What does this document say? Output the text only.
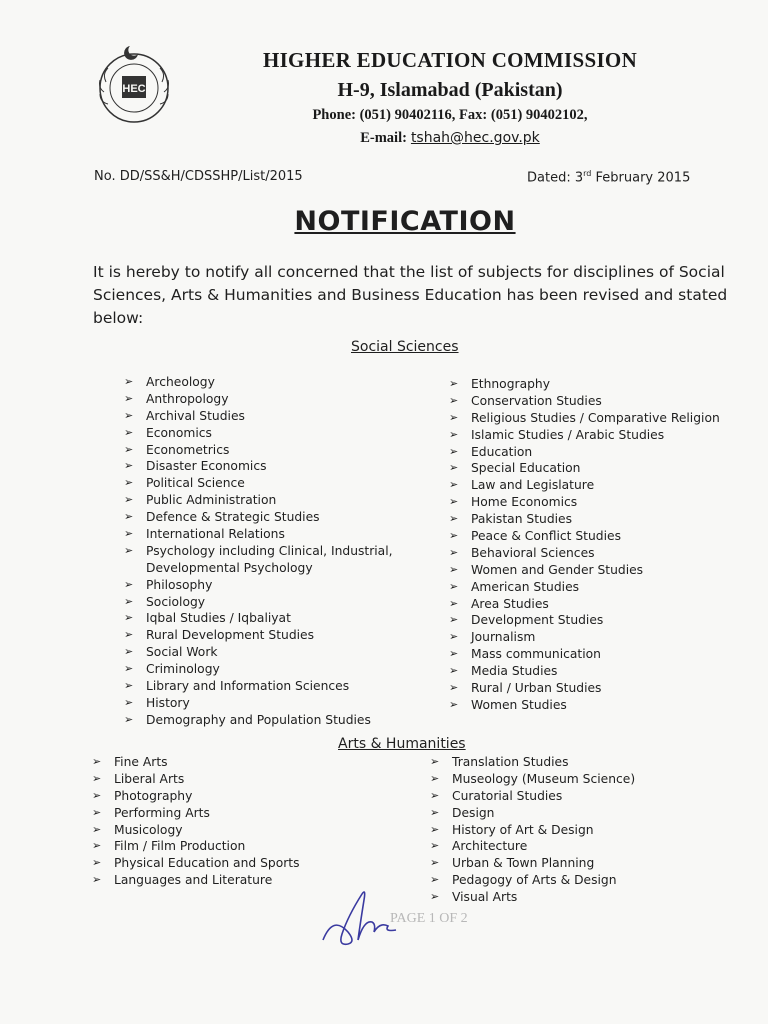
HEC
HIGHER EDUCATION COMMISSION
H-9, Islamabad (Pakistan)
Phone: (051) 90402116, Fax: (051) 90402102,
E-mail: tshah@hec.gov.pk
No. DD/SS&H/CDSSHP/List/2015	Dated: 3rd February 2015
NOTIFICATION
It is hereby to notify all concerned that the list of subjects for disciplines of Social Sciences, Arts & Humanities and Business Education has been revised and stated below:
Social Sciences
➢ Archeology
➢ Anthropology
➢ Archival Studies
➢ Economics
➢ Econometrics
➢ Disaster Economics
➢ Political Science
➢ Public Administration
➢ Defence & Strategic Studies
➢ International Relations
➢ Psychology including Clinical, Industrial,
Developmental Psychology
➢ Philosophy
➢ Sociology
➢ Iqbal Studies / Iqbaliyat
➢ Rural Development Studies
➢ Social Work
➢ Criminology
➢ Library and Information Sciences
➢ History
➢ Demography and Population Studies
➢ Ethnography
➢ Conservation Studies
➢ Religious Studies / Comparative Religion
➢ Islamic Studies / Arabic Studies
➢ Education
➢ Special Education
➢ Law and Legislature
➢ Home Economics
➢ Pakistan Studies
➢ Peace & Conflict Studies
➢ Behavioral Sciences
➢ Women and Gender Studies
➢ American Studies
➢ Area Studies
➢ Development Studies
➢ Journalism
➢ Mass communication
➢ Media Studies
➢ Rural / Urban Studies
➢ Women Studies
Arts & Humanities
➢ Fine Arts
➢ Liberal Arts
➢ Photography
➢ Performing Arts
➢ Musicology
➢ Film / Film Production
➢ Physical Education and Sports
➢ Languages and Literature
➢ Translation Studies
➢ Museology (Museum Science)
➢ Curatorial Studies
➢ Design
➢ History of Art & Design
➢ Architecture
➢ Urban & Town Planning
➢ Pedagogy of Arts & Design
➢ Visual Arts
PAGE 1 OF 2
